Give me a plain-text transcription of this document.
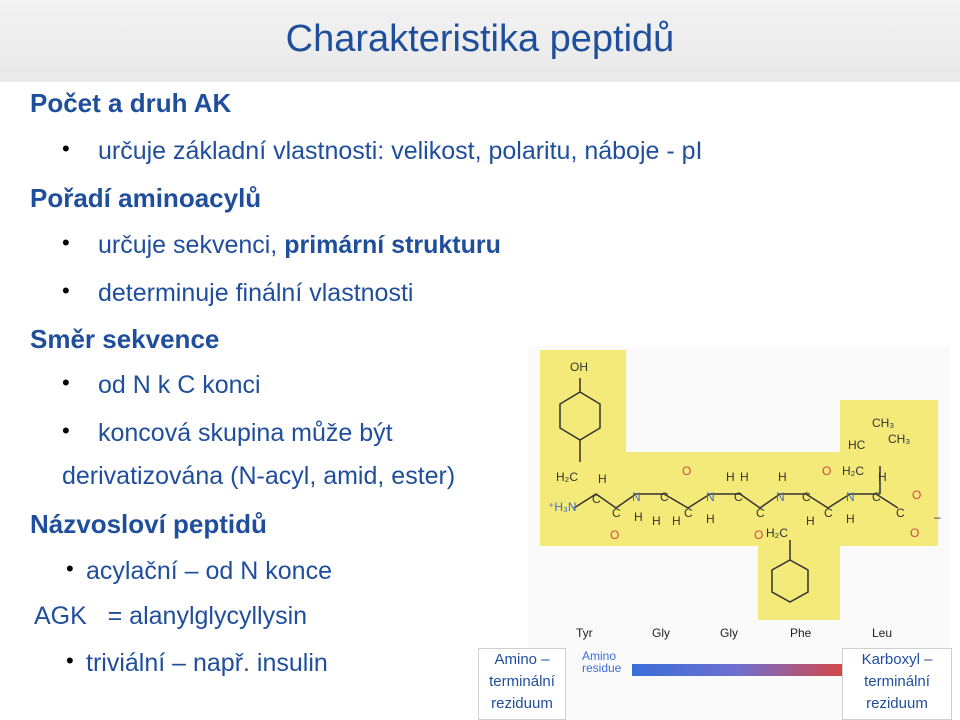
Charakteristika peptidů
Počet a druh AK
• určuje základní vlastnosti: velikost, polaritu, náboje - pI
Pořadí aminoacylů
• určuje sekvenci, primární strukturu
• determinuje finální vlastnosti
Směr sekvence
• od N k C konci
• koncová skupina může být
derivatizována (N-acyl, amid, ester)
Názvosloví peptidů
• acylační – od N konce
AGK   = alanylglycyllysin
• triviální – např. insulin
Tyr	Gly	Gly	Phe	Leu
Amino
residue
Amino –
terminální
reziduum
Karboxyl –
terminální
reziduum
OH
H₂C
⁺H₃N
C
H
C
O
N
H
C
H H
C
O
N
H
C
H H
C
O
N
H
C
H
H₂C
C
O
N
H
C
H
H₂C
HC
CH₃
CH₃
C
O
O
–
